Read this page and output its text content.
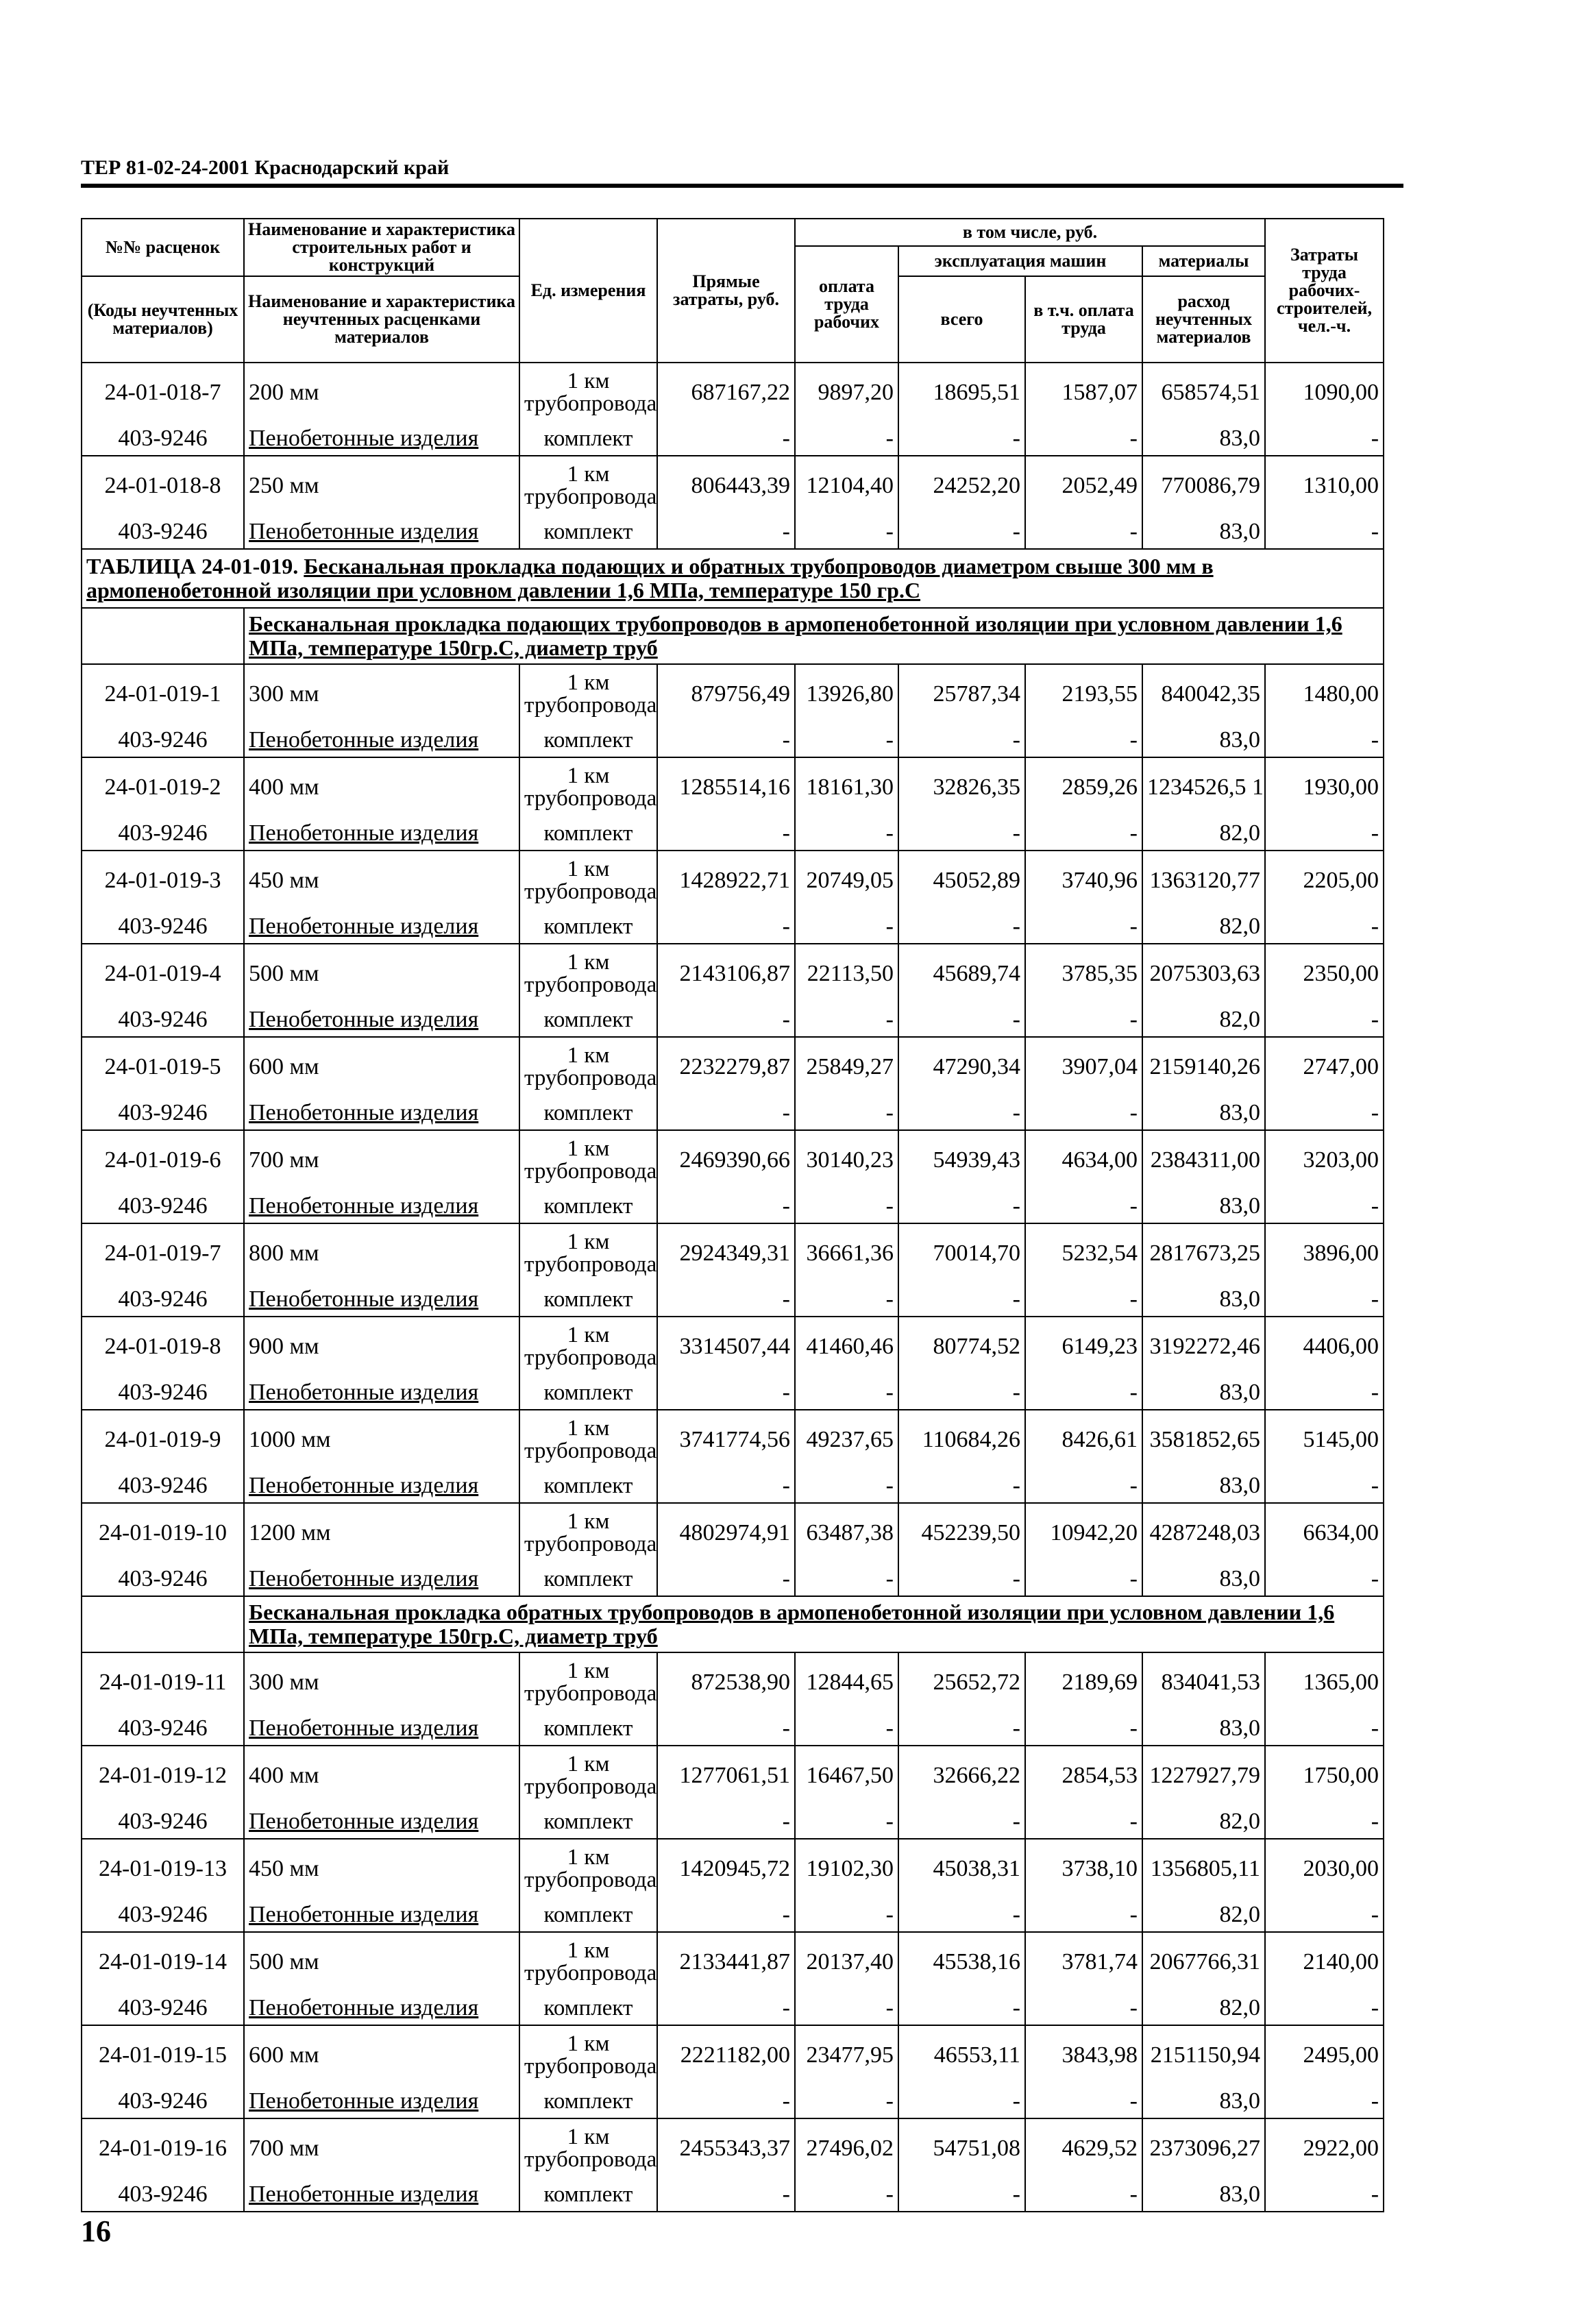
ТЕР 81-02-24-2001 Краснодарский край
№№ расценок	Наименование и характеристика строительных работ и конструкций	Ед. измерения	Прямые затраты, руб.	в том числе, руб.				Затраты труда рабочих-строителей, чел.-ч.
				оплата труда рабочих	эксплуатация машин		материалы	
(Коды неучтенных материалов)	Наименование и характеристика неучтенных расценками материалов				всего	в т.ч. оплата труда	расход неучтенных материалов	

24-01-018-7	200 мм	1 км трубопровода	687167,22	9897,20	18695,51	1587,07	658574,51	1090,00
403-9246	Пенобетонные изделия	комплект	-	-	-	-	83,0	-
24-01-018-8	250 мм	1 км трубопровода	806443,39	12104,40	24252,20	2052,49	770086,79	1310,00
403-9246	Пенобетонные изделия	комплект	-	-	-	-	83,0	-
ТАБЛИЦА 24-01-019. Бесканальная прокладка подающих и обратных трубопроводов диаметром свыше 300 мм в армопенобетонной изоляции при условном давлении 1,6 МПа, температуре 150 гр.С								
	Бесканальная прокладка подающих трубопроводов в армопенобетонной изоляции при условном давлении 1,6 МПа, температуре 150гр.С, диаметр труб							
24-01-019-1	300 мм	1 км трубопровода	879756,49	13926,80	25787,34	2193,55	840042,35	1480,00
403-9246	Пенобетонные изделия	комплект	-	-	-	-	83,0	-
24-01-019-2	400 мм	1 км трубопровода	1285514,16	18161,30	32826,35	2859,26	1234526,5 1	1930,00
403-9246	Пенобетонные изделия	комплект	-	-	-	-	82,0	-
24-01-019-3	450 мм	1 км трубопровода	1428922,71	20749,05	45052,89	3740,96	1363120,77	2205,00
403-9246	Пенобетонные изделия	комплект	-	-	-	-	82,0	-
24-01-019-4	500 мм	1 км трубопровода	2143106,87	22113,50	45689,74	3785,35	2075303,63	2350,00
403-9246	Пенобетонные изделия	комплект	-	-	-	-	82,0	-
24-01-019-5	600 мм	1 км трубопровода	2232279,87	25849,27	47290,34	3907,04	2159140,26	2747,00
403-9246	Пенобетонные изделия	комплект	-	-	-	-	83,0	-
24-01-019-6	700 мм	1 км трубопровода	2469390,66	30140,23	54939,43	4634,00	2384311,00	3203,00
403-9246	Пенобетонные изделия	комплект	-	-	-	-	83,0	-
24-01-019-7	800 мм	1 км трубопровода	2924349,31	36661,36	70014,70	5232,54	2817673,25	3896,00
403-9246	Пенобетонные изделия	комплект	-	-	-	-	83,0	-
24-01-019-8	900 мм	1 км трубопровода	3314507,44	41460,46	80774,52	6149,23	3192272,46	4406,00
403-9246	Пенобетонные изделия	комплект	-	-	-	-	83,0	-
24-01-019-9	1000 мм	1 км трубопровода	3741774,56	49237,65	110684,26	8426,61	3581852,65	5145,00
403-9246	Пенобетонные изделия	комплект	-	-	-	-	83,0	-
24-01-019-10	1200 мм	1 км трубопровода	4802974,91	63487,38	452239,50	10942,20	4287248,03	6634,00
403-9246	Пенобетонные изделия	комплект	-	-	-	-	83,0	-
	Бесканальная прокладка обратных трубопроводов в армопенобетонной изоляции при условном давлении 1,6 МПа, температуре 150гр.С, диаметр труб							
24-01-019-11	300 мм	1 км трубопровода	872538,90	12844,65	25652,72	2189,69	834041,53	1365,00
403-9246	Пенобетонные изделия	комплект	-	-	-	-	83,0	-
24-01-019-12	400 мм	1 км трубопровода	1277061,51	16467,50	32666,22	2854,53	1227927,79	1750,00
403-9246	Пенобетонные изделия	комплект	-	-	-	-	82,0	-
24-01-019-13	450 мм	1 км трубопровода	1420945,72	19102,30	45038,31	3738,10	1356805,11	2030,00
403-9246	Пенобетонные изделия	комплект	-	-	-	-	82,0	-
24-01-019-14	500 мм	1 км трубопровода	2133441,87	20137,40	45538,16	3781,74	2067766,31	2140,00
403-9246	Пенобетонные изделия	комплект	-	-	-	-	82,0	-
24-01-019-15	600 мм	1 км трубопровода	2221182,00	23477,95	46553,11	3843,98	2151150,94	2495,00
403-9246	Пенобетонные изделия	комплект	-	-	-	-	83,0	-
24-01-019-16	700 мм	1 км трубопровода	2455343,37	27496,02	54751,08	4629,52	2373096,27	2922,00
403-9246	Пенобетонные изделия	комплект	-	-	-	-	83,0	-
16
